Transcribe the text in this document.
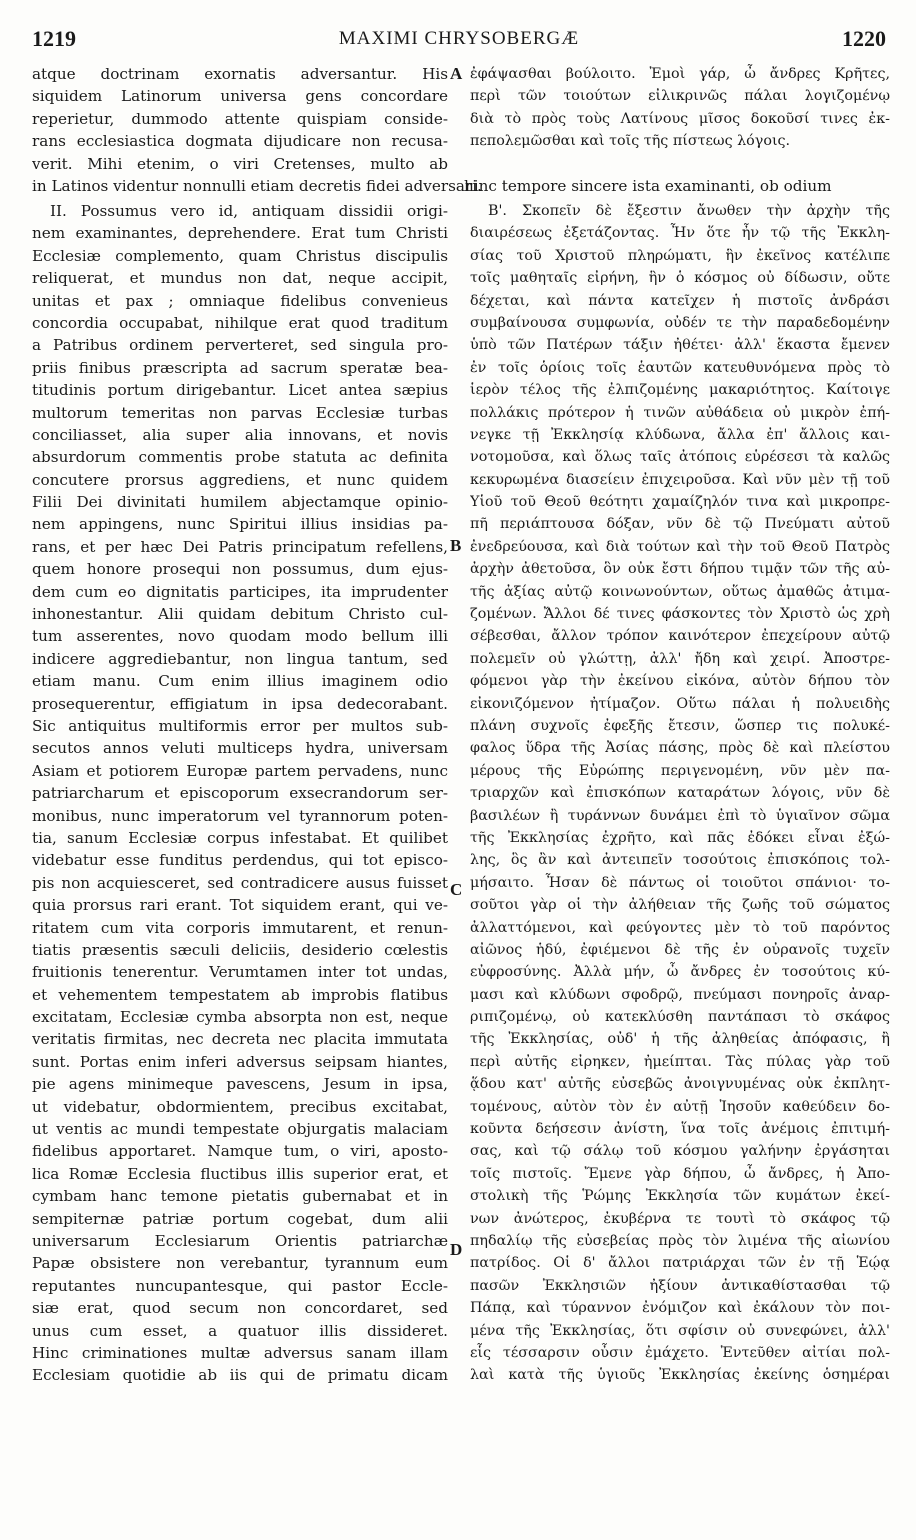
1219	MAXIMI CHRYSOBERGÆ	1220
atque doctrinam exornatis adversantur. His
siquidem Latinorum universa gens concordare
reperietur, dummodo attente quispiam conside-
rans ecclesiastica dogmata dijudicare non recusa-
verit. Mihi etenim, o viri Cretenses, multo ab
ἐφάψασθαι βούλοιτο. Ἐμοὶ γάρ, ὦ ἄνδρες Κρῆτες,
περὶ τῶν τοιούτων εἰλικρινῶς πάλαι λογιζομένῳ
διὰ τὸ πρὸς τοὺς Λατίνους μῖσος δοκοῦσί τινες ἐκ-
πεπολεμῶσθαι καὶ τοῖς τῆς πίστεως λόγοις.
in Latinos videntur nonnulli etiam decretis fidei adversari.hinc tempore sincere ista examinanti, ob odium
II. Possumus vero id, antiquam dissidii origi-
nem examinantes, deprehendere. Erat tum Christi
Ecclesiæ complemento, quam Christus discipulis
reliquerat, et mundus non dat, neque accipit,
unitas et pax ; omniaque fidelibus convenieus
concordia occupabat, nihilque erat quod traditum
a Patribus ordinem perverteret, sed singula pro-
priis finibus præscripta ad sacrum speratæ bea-
titudinis portum dirigebantur. Licet antea sæpius
multorum temeritas non parvas Ecclesiæ turbas
conciliasset, alia super alia innovans, et novis
absurdorum commentis probe statuta ac definita
concutere prorsus aggrediens, et nunc quidem
Filii Dei divinitati humilem abjectamque opinio-
nem appingens, nunc Spiritui illius insidias pa-
rans, et per hæc Dei Patris principatum refellens,
quem honore prosequi non possumus, dum ejus-
dem cum eo dignitatis participes, ita imprudenter
inhonestantur. Alii quidam debitum Christo cul-
tum asserentes, novo quodam modo bellum illi
indicere aggrediebantur, non lingua tantum, sed
etiam manu. Cum enim illius imaginem odio
prosequerentur, effigiatum in ipsa dedecorabant.
Sic antiquitus multiformis error per multos sub-
secutos annos veluti multiceps hydra, universam
Asiam et potiorem Europæ partem pervadens, nunc
patriarcharum et episcoporum exsecrandorum ser-
monibus, nunc imperatorum vel tyrannorum poten-
tia, sanum Ecclesiæ corpus infestabat. Et quilibet
videbatur esse funditus perdendus, qui tot episco-
pis non acquiesceret, sed contradicere ausus fuisset
quia prorsus rari erant. Tot siquidem erant, qui ve-
ritatem cum vita corporis immutarent, et renun-
tiatis præsentis sæculi deliciis, desiderio cœlestis
fruitionis tenerentur. Verumtamen inter tot undas,
et vehementem tempestatem ab improbis flatibus
excitatam, Ecclesiæ cymba absorpta non est, neque
veritatis firmitas, nec decreta nec placita immutata
sunt. Portas enim inferi adversus seipsam hiantes,
pie agens minimeque pavescens, Jesum in ipsa,
ut videbatur, obdormientem, precibus excitabat,
ut ventis ac mundi tempestate objurgatis malaciam
fidelibus apportaret. Namque tum, o viri, aposto-
lica Romæ Ecclesia fluctibus illis superior erat, et
cymbam hanc temone pietatis gubernabat et in
sempiternæ patriæ portum cogebat, dum alii
universarum Ecclesiarum Orientis patriarchæ
Papæ obsistere non verebantur, tyrannum eum
reputantes nuncupantesque, qui pastor Eccle-
siæ erat, quod secum non concordaret, sed
unus cum esset, a quatuor illis dissideret.
Hinc criminationes multæ adversus sanam illam
Ecclesiam quotidie ab iis qui de primatu dicam
Β'. Σκοπεῖν δὲ ἔξεστιν ἄνωθεν τὴν ἀρχὴν τῆς
διαιρέσεως ἐξετάζοντας. Ἦν ὅτε ἦν τῷ τῆς Ἐκκλη-
σίας τοῦ Χριστοῦ πληρώματι, ἣν ἐκεῖνος κατέλιπε
τοῖς μαθηταῖς εἰρήνη, ἣν ὁ κόσμος οὐ δίδωσιν, οὔτε
δέχεται, καὶ πάντα κατεῖχεν ἡ πιστοῖς ἀνδράσι
συμβαίνουσα συμφωνία, οὐδέν τε τὴν παραδεδομένην
ὑπὸ τῶν Πατέρων τάξιν ἠθέτει· ἀλλ' ἕκαστα ἔμενεν
ἐν τοῖς ὁρίοις τοῖς ἑαυτῶν κατευθυνόμενα πρὸς τὸ
ἱερὸν τέλος τῆς ἐλπιζομένης μακαριότητος. Καίτοιγε
πολλάκις πρότερον ἡ τινῶν αὐθάδεια οὐ μικρὸν ἐπή-
νεγκε τῇ Ἐκκλησίᾳ κλύδωνα, ἄλλα ἐπ' ἄλλοις και-
νοτομοῦσα, καὶ ὅλως ταῖς ἀτόποις εὑρέσεσι τὰ καλῶς
κεκυρωμένα διασείειν ἐπιχειροῦσα. Καὶ νῦν μὲν τῇ τοῦ
Υἱοῦ τοῦ Θεοῦ θεότητι χαμαίζηλόν τινα καὶ μικροπρε-
πῆ περιάπτουσα δόξαν, νῦν δὲ τῷ Πνεύματι αὐτοῦ
ἐνεδρεύουσα, καὶ διὰ τούτων καὶ τὴν τοῦ Θεοῦ Πατρὸς
ἀρχὴν ἀθετοῦσα, ὃν οὐκ ἔστι δήπου τιμᾷν τῶν τῆς αὐ-
τῆς ἀξίας αὐτῷ κοινωνούντων, οὕτως ἀμαθῶς ἀτιμα-
ζομένων. Ἄλλοι δέ τινες φάσκοντες τὸν Χριστὸ ὡς χρὴ
σέβεσθαι, ἄλλον τρόπον καινότερον ἐπεχείρουν αὐτῷ
πολεμεῖν οὐ γλώττῃ, ἀλλ' ἤδη καὶ χειρί. Ἀποστρε-
φόμενοι γὰρ τὴν ἐκείνου εἰκόνα, αὐτὸν δήπου τὸν
εἰκονιζόμενον ἠτίμαζον. Οὕτω πάλαι ἡ πολυειδὴς
πλάνη συχνοῖς ἐφεξῆς ἔτεσιν, ὥσπερ τις πολυκέ-
φαλος ὕδρα τῆς Ἀσίας πάσης, πρὸς δὲ καὶ πλείστου
μέρους τῆς Εὐρώπης περιγενομένη, νῦν μὲν πα-
τριαρχῶν καὶ ἐπισκόπων καταράτων λόγοις, νῦν δὲ
βασιλέων ἢ τυράννων δυνάμει ἐπὶ τὸ ὑγιαῖνον σῶμα
τῆς Ἐκκλησίας ἐχρῆτο, καὶ πᾶς ἐδόκει εἶναι ἐξώ-
λης, ὃς ἂν καὶ ἀντειπεῖν τοσούτοις ἐπισκόποις τολ-
μήσαιτο. Ἦσαν δὲ πάντως οἱ τοιοῦτοι σπάνιοι· το-
σοῦτοι γὰρ οἱ τὴν ἀλήθειαν τῆς ζωῆς τοῦ σώματος
ἀλλαττόμενοι, καὶ φεύγοντες μὲν τὸ τοῦ παρόντος
αἰῶνος ἡδύ, ἐφιέμενοι δὲ τῆς ἐν οὐρανοῖς τυχεῖν
εὐφροσύνης. Ἀλλὰ μήν, ὦ ἄνδρες ἐν τοσούτοις κύ-
μασι καὶ κλύδωνι σφοδρῷ, πνεύμασι πονηροῖς ἀναρ-
ριπιζομένῳ, οὐ κατεκλύσθη παντάπασι τὸ σκάφος
τῆς Ἐκκλησίας, οὐδ' ἡ τῆς ἀληθείας ἀπόφασις, ἢ
περὶ αὐτῆς εἰρηκεν, ἠμείπται. Τὰς πύλας γὰρ τοῦ
ᾅδου κατ' αὐτῆς εὐσεβῶς ἀνοιγνυμένας οὐκ ἐκπλητ-
τομένους, αὐτὸν τὸν ἐν αὐτῇ Ἰησοῦν καθεύδειν δο-
κοῦντα δεήσεσιν ἀνίστη, ἵνα τοῖς ἀνέμοις ἐπιτιμή-
σας, καὶ τῷ σάλῳ τοῦ κόσμου γαλήνην ἐργάσηται
τοῖς πιστοῖς. Ἔμενε γὰρ δήπου, ὦ ἄνδρες, ἡ Ἀπο-
στολικὴ τῆς Ῥώμης Ἐκκλησία τῶν κυμάτων ἐκεί-
νων ἀνώτερος, ἐκυβέρνα τε τουτὶ τὸ σκάφος τῷ
πηδαλίῳ τῆς εὐσεβείας πρὸς τὸν λιμένα τῆς αἰωνίου
πατρίδος. Οἱ δ' ἄλλοι πατριάρχαι τῶν ἐν τῇ Ἑῴᾳ
πασῶν Ἐκκλησιῶν ἠξίουν ἀντικαθίστασθαι τῷ
Πάπᾳ, καὶ τύραννον ἐνόμιζον καὶ ἐκάλουν τὸν ποι-
μένα τῆς Ἐκκλησίας, ὅτι σφίσιν οὐ συνεφώνει, ἀλλ'
εἷς τέσσαρσιν οὖσιν ἐμάχετο. Ἐντεῦθεν αἰτίαι πολ-
λαὶ κατὰ τῆς ὑγιοῦς Ἐκκλησίας ἐκείνης ὁσημέραι
A
B
C
D
